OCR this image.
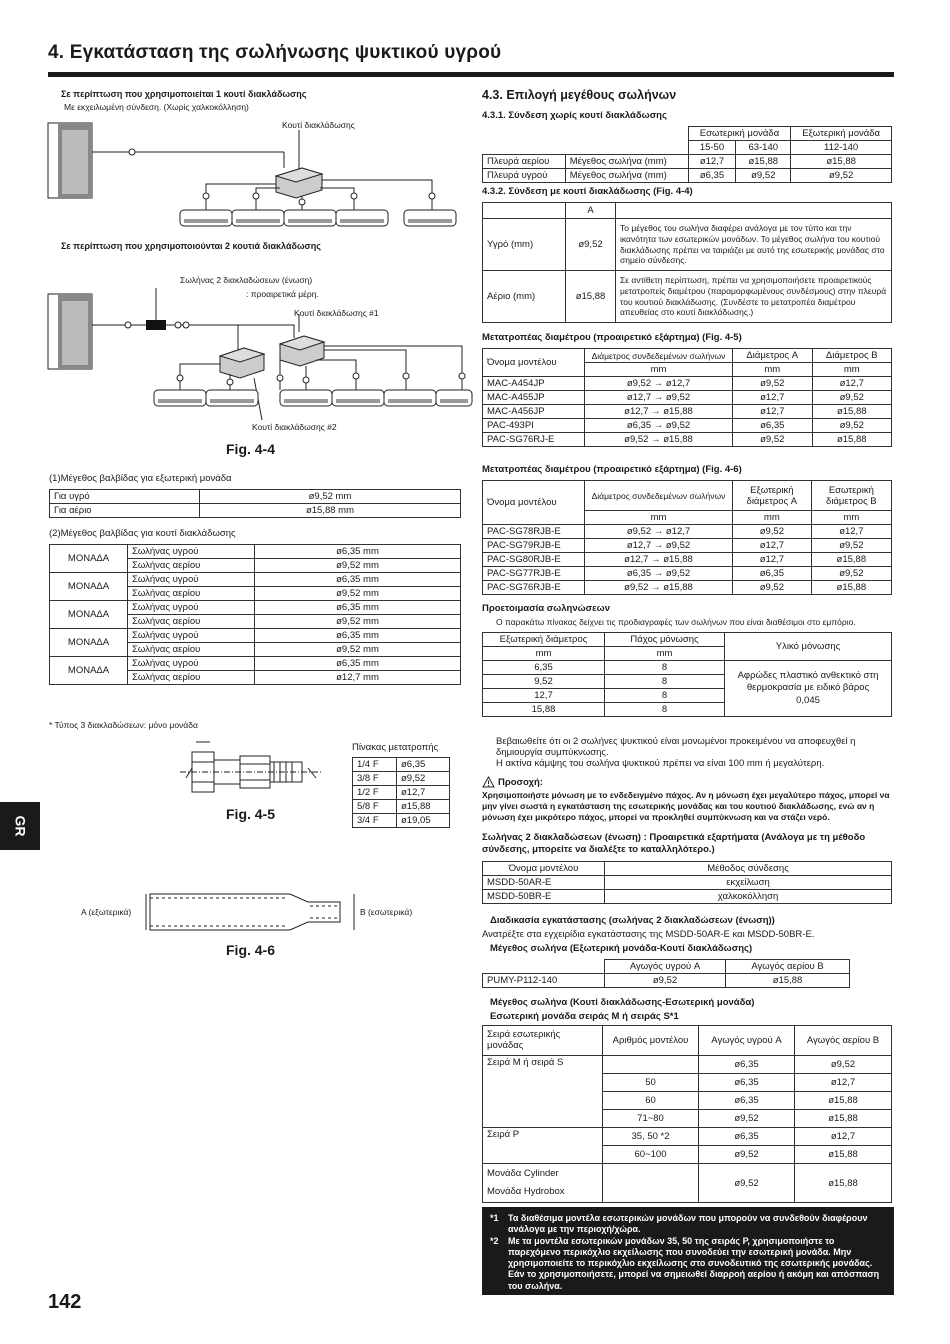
4. Εγκατάσταση της σωλήνωσης ψυκτικού υγρού
GR
142
Σε περίπτωση που χρησιμοποιείται 1 κουτί διακλάδωσης
Με εκχειλωμένη σύνδεση. (Χωρίς χαλκοκόλληση)
Κουτί διακλάδωσης
Σε περίπτωση που χρησιμοποιούνται 2 κουτιά διακλάδωσης
Σωλήνας 2 διακλαδώσεων (ένωση)
: προαιρετικά μέρη.
Κουτί διακλάδωσης #1
Κουτί διακλάδωσης #2
Fig. 4-4
(1)Μέγεθος βαλβίδας για εξωτερική μονάδα
Για υγρό	ø9,52 mm
Για αέριο	ø15,88 mm
(2)Μέγεθος βαλβίδας για κουτί διακλάδωσης
ΜΟΝΑΔΑ	Σωλήνας υγρού	ø6,35 mm
	Σωλήνας αερίου	ø9,52 mm
ΜΟΝΑΔΑ	Σωλήνας υγρού	ø6,35 mm
	Σωλήνας αερίου	ø9,52 mm
ΜΟΝΑΔΑ	Σωλήνας υγρού	ø6,35 mm
	Σωλήνας αερίου	ø9,52 mm
ΜΟΝΑΔΑ	Σωλήνας υγρού	ø6,35 mm
	Σωλήνας αερίου	ø9,52 mm
ΜΟΝΑΔΑ	Σωλήνας υγρού	ø6,35 mm
	Σωλήνας αερίου	ø12,7 mm
* Τύπος 3 διακλαδώσεων: μόνο μονάδα
Fig. 4-5
Πίνακας μετατροπής
1/4 F	ø6,35
3/8 F	ø9,52
1/2 F	ø12,7
5/8 F	ø15,88
3/4 F	ø19,05
A (εξωτερικά)	B (εσωτερικά)
Fig. 4-6
4.3. Επιλογή μεγέθους σωλήνων
4.3.1. Σύνδεση χωρίς κουτί διακλάδωσης
		Εσωτερική μονάδα		Εξωτερική μονάδα
		15-50	63-140	112-140
Πλευρά αερίου	Μέγεθος σωλήνα (mm)	ø12,7	ø15,88	ø15,88
Πλευρά υγρού	Μέγεθος σωλήνα (mm)	ø6,35	ø9,52	ø9,52
4.3.2. Σύνδεση με κουτί διακλάδωσης (Fig. 4-4)
	A	
Υγρό (mm)	ø9,52	Το μέγεθος του σωλήνα διαφέρει ανάλογα με τον τύπο και την ικανότητα των εσωτερικών μονάδων. Το μέγεθος σωλήνα του κουτιού διακλάδωσης πρέπει να ταιριάζει με αυτό της εσωτερικής μονάδας στο σημείο σύνδεσης.
Αέριο (mm)	ø15,88	Σε αντίθετη περίπτωση, πρέπει να χρησιμοποιήσετε προαιρετικούς μετατροπείς διαμέτρου (παραμορφωμένους συνδέσμους) στην πλευρά του κουτιού διακλάδωσης. (Συνδέστε το μετατροπέα διαμέτρου απευθείας στο κουτί διακλάδωσης.)
Μετατροπέας διαμέτρου (προαιρετικό εξάρτημα) (Fig. 4-5)
Όνομα μοντέλου	Διάμετρος συνδεδεμένων σωλήνων	Διάμετρος A	Διάμετρος B
	mm	mm	mm
MAC-A454JP	ø9,52 → ø12,7	ø9,52	ø12,7
MAC-A455JP	ø12,7 → ø9,52	ø12,7	ø9,52
MAC-A456JP	ø12,7 → ø15,88	ø12,7	ø15,88
PAC-493PI	ø6,35 → ø9,52	ø6,35	ø9,52
PAC-SG76RJ-E	ø9,52 → ø15,88	ø9,52	ø15,88
Μετατροπέας διαμέτρου (προαιρετικό εξάρτημα) (Fig. 4-6)
Όνομα μοντέλου	Διάμετρος συνδεδεμένων σωλήνων	Εξωτερική διάμετρος A	Εσωτερική διάμετρος B
	mm	mm	mm
PAC-SG78RJB-E	ø9,52 → ø12,7	ø9,52	ø12,7
PAC-SG79RJB-E	ø12,7 → ø9,52	ø12,7	ø9,52
PAC-SG80RJB-E	ø12,7 → ø15,88	ø12,7	ø15,88
PAC-SG77RJB-E	ø6,35 → ø9,52	ø6,35	ø9,52
PAC-SG76RJB-E	ø9,52 → ø15,88	ø9,52	ø15,88
Προετοιμασία σωληνώσεων
Ο παρακάτω πίνακας δείχνει τις προδιαγραφές των σωλήνων που είναι διαθέσιμοι στο εμπόριο.
Εξωτερική διάμετρος	Πάχος μόνωσης	Υλικό μόνωσης
mm	mm	
6,35	8	Αφρώδες πλαστικό ανθεκτικό στη θερμοκρασία με ειδικό βάρος 0,045
9,52	8	
12,7	8	
15,88	8	
Βεβαιωθείτε ότι οι 2 σωλήνες ψυκτικού είναι μονωμένοι προκειμένου να αποφευχθεί η δημιουργία συμπύκνωσης.
Η ακτίνα κάμψης του σωλήνα ψυκτικού πρέπει να είναι 100 mm ή μεγαλύτερη.
Προσοχή:
Χρησιμοποιήστε μόνωση με το ενδεδειγμένο πάχος. Αν η μόνωση έχει μεγαλύτερο πάχος, μπορεί να μην γίνει σωστά η εγκατάσταση της εσωτερικής μονάδας και του κουτιού διακλάδωσης, ενώ αν η μόνωση έχει μικρότερο πάχος, μπορεί να προκληθεί συμπύκνωση και να στάζει νερό.
Σωλήνας 2 διακλαδώσεων (ένωση) : Προαιρετικά εξαρτήματα (Ανάλογα με τη μέθοδο σύνδεσης, μπορείτε να διαλέξτε το καταλληλότερο.)
Όνομα μοντέλου	Μέθοδος σύνδεσης
MSDD-50AR-E	εκχείλωση
MSDD-50BR-E	χαλκοκόλληση
Διαδικασία εγκατάστασης (σωλήνας 2 διακλαδώσεων (ένωση))
Ανατρέξτε στα εγχειρίδια εγκατάστασης της MSDD-50AR-E και MSDD-50BR-E.
Μέγεθος σωλήνα (Εξωτερική μονάδα-Κουτί διακλάδωσης)
	Αγωγός υγρού A	Αγωγός αερίου B
PUMY-P112-140	ø9,52	ø15,88
Μέγεθος σωλήνα (Κουτί διακλάδωσης-Εσωτερική μονάδα)
Εσωτερική μονάδα σειράς M ή σειράς S*1
Σειρά εσωτερικής μονάδας	Αριθμός μοντέλου	Αγωγός υγρού A	Αγωγός αερίου B
Σειρά M ή σειρά S		ø6,35	ø9,52
	50	ø6,35	ø12,7
	60	ø6,35	ø15,88
	71~80	ø9,52	ø15,88
Σειρά P	35, 50 *2	ø6,35	ø12,7
	60~100	ø9,52	ø15,88

Μονάδα Cylinder
Μονάδα Hydrobox		ø9,52	ø15,88
*1	Τα διαθέσιμα μοντέλα εσωτερικών μονάδων που μπορούν να συνδεθούν διαφέρουν ανάλογα με την περιοχή/χώρα.
*2	Με τα μοντέλα εσωτερικών μονάδων 35, 50 της σειράς P, χρησιμοποιήστε το παρεχόμενο περικόχλιο εκχείλωσης που συνοδεύει την εσωτερική μονάδα. Μην χρησιμοποιείτε το περικόχλιο εκχείλωσης στο συνοδευτικό της εσωτερικής μονάδας. Εάν το χρησιμοποιήσετε, μπορεί να σημειωθεί διαρροή αερίου ή ακόμη και απόσπαση του σωλήνα.
